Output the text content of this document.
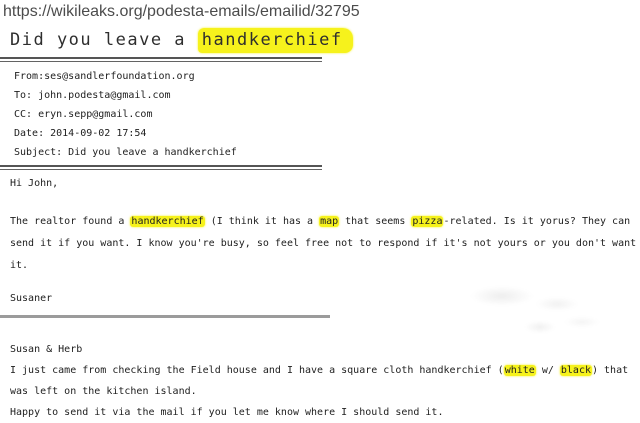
https://wikileaks.org/podesta-emails/emailid/32795
Did you leave a handkerchief
From:ses@sandlerfoundation.org
To: john.podesta@gmail.com
CC: eryn.sepp@gmail.com
Date: 2014-09-02 17:54
Subject: Did you leave a handkerchief
Hi John,
The realtor found a handkerchief (I think it has a map that seems pizza-related. Is it yorus? They can
send it if you want. I know you're busy, so feel free not to respond if it's not yours or you don't want
it.
Susaner
Susan & Herb
I just came from checking the Field house and I have a square cloth handkerchief (white w/ black) that
was left on the kitchen island.
Happy to send it via the mail if you let me know where I should send it.
